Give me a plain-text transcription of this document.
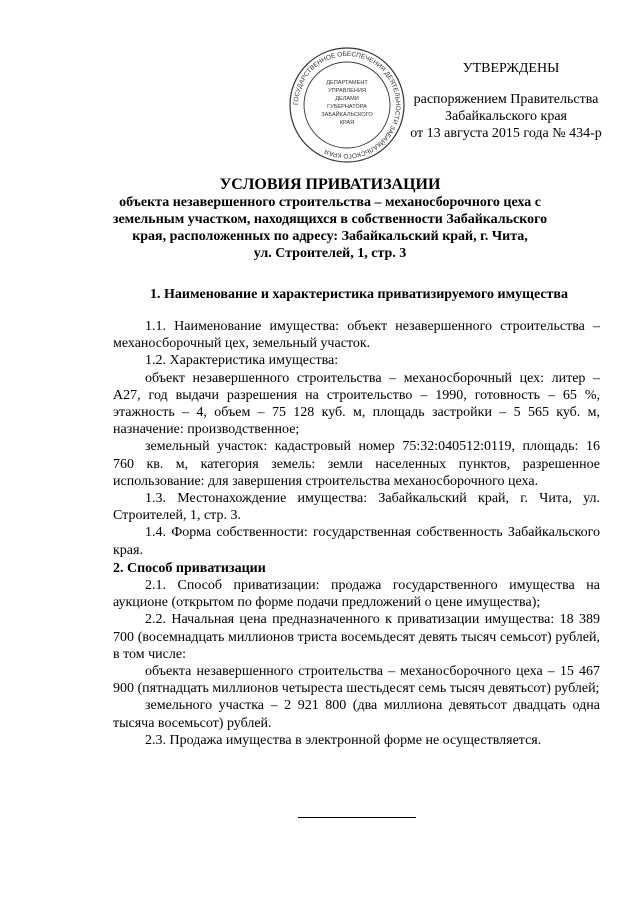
ГОСУДАРСТВЕННОЕ ОБЕСПЕЧЕНИЯ ДЕЯТЕЛЬНОСТИ ЗАБАЙКАЛЬСКОГО КРАЯ
ДЕПАРТАМЕНТ
УПРАВЛЕНИЯ
ДЕЛАМИ
ГУБЕРНАТОРА
ЗАБАЙКАЛЬСКОГО
КРАЯ
УТВЕРЖДЕНЫ
распоряжением Правительства
Забайкальского края
от 13 августа 2015 года № 434-р
УСЛОВИЯ ПРИВАТИЗАЦИИ
объекта незавершенного строительства – механосборочного цеха с
земельным участком, находящихся в собственности Забайкальского
края, расположенных по адресу: Забайкальский край, г. Чита,
ул. Строителей, 1, стр. 3
1. Наименование и характеристика приватизируемого имущества

1.1. Наименование имущества: объект незавершенного строительства – механосборочный цех, земельный участок.

1.2. Характеристика имущества:

объект незавершенного строительства – механосборочный цех: литер – А27, год выдачи разрешения на строительство – 1990, готовность – 65 %, этажность – 4, объем – 75 128 куб. м, площадь застройки – 5 565 куб. м, назначение: производственное;

земельный участок: кадастровый номер 75:32:040512:0119, площадь: 16 760 кв. м, категория земель: земли населенных пунктов, разрешенное использование: для завершения строительства механосборочного цеха.

1.3. Местонахождение имущества: Забайкальский край, г. Чита, ул. Строителей, 1, стр. 3.

1.4. Форма собственности: государственная собственность Забайкальского края.

2. Способ приватизации

2.1. Способ приватизации: продажа государственного имущества на аукционе (открытом по форме подачи предложений о цене имущества);

2.2. Начальная цена предназначенного к приватизации имущества: 18 389 700 (восемнадцать миллионов триста восемьдесят девять тысяч семьсот) рублей, в том числе:

объекта незавершенного строительства – механосборочного цеха – 15 467 900 (пятнадцать миллионов четыреста шестьдесят семь тысяч девятьсот) рублей;

земельного участка – 2 921 800 (два миллиона девятьсот двадцать одна тысяча восемьсот) рублей.

2.3. Продажа имущества в электронной форме не осуществляется.
